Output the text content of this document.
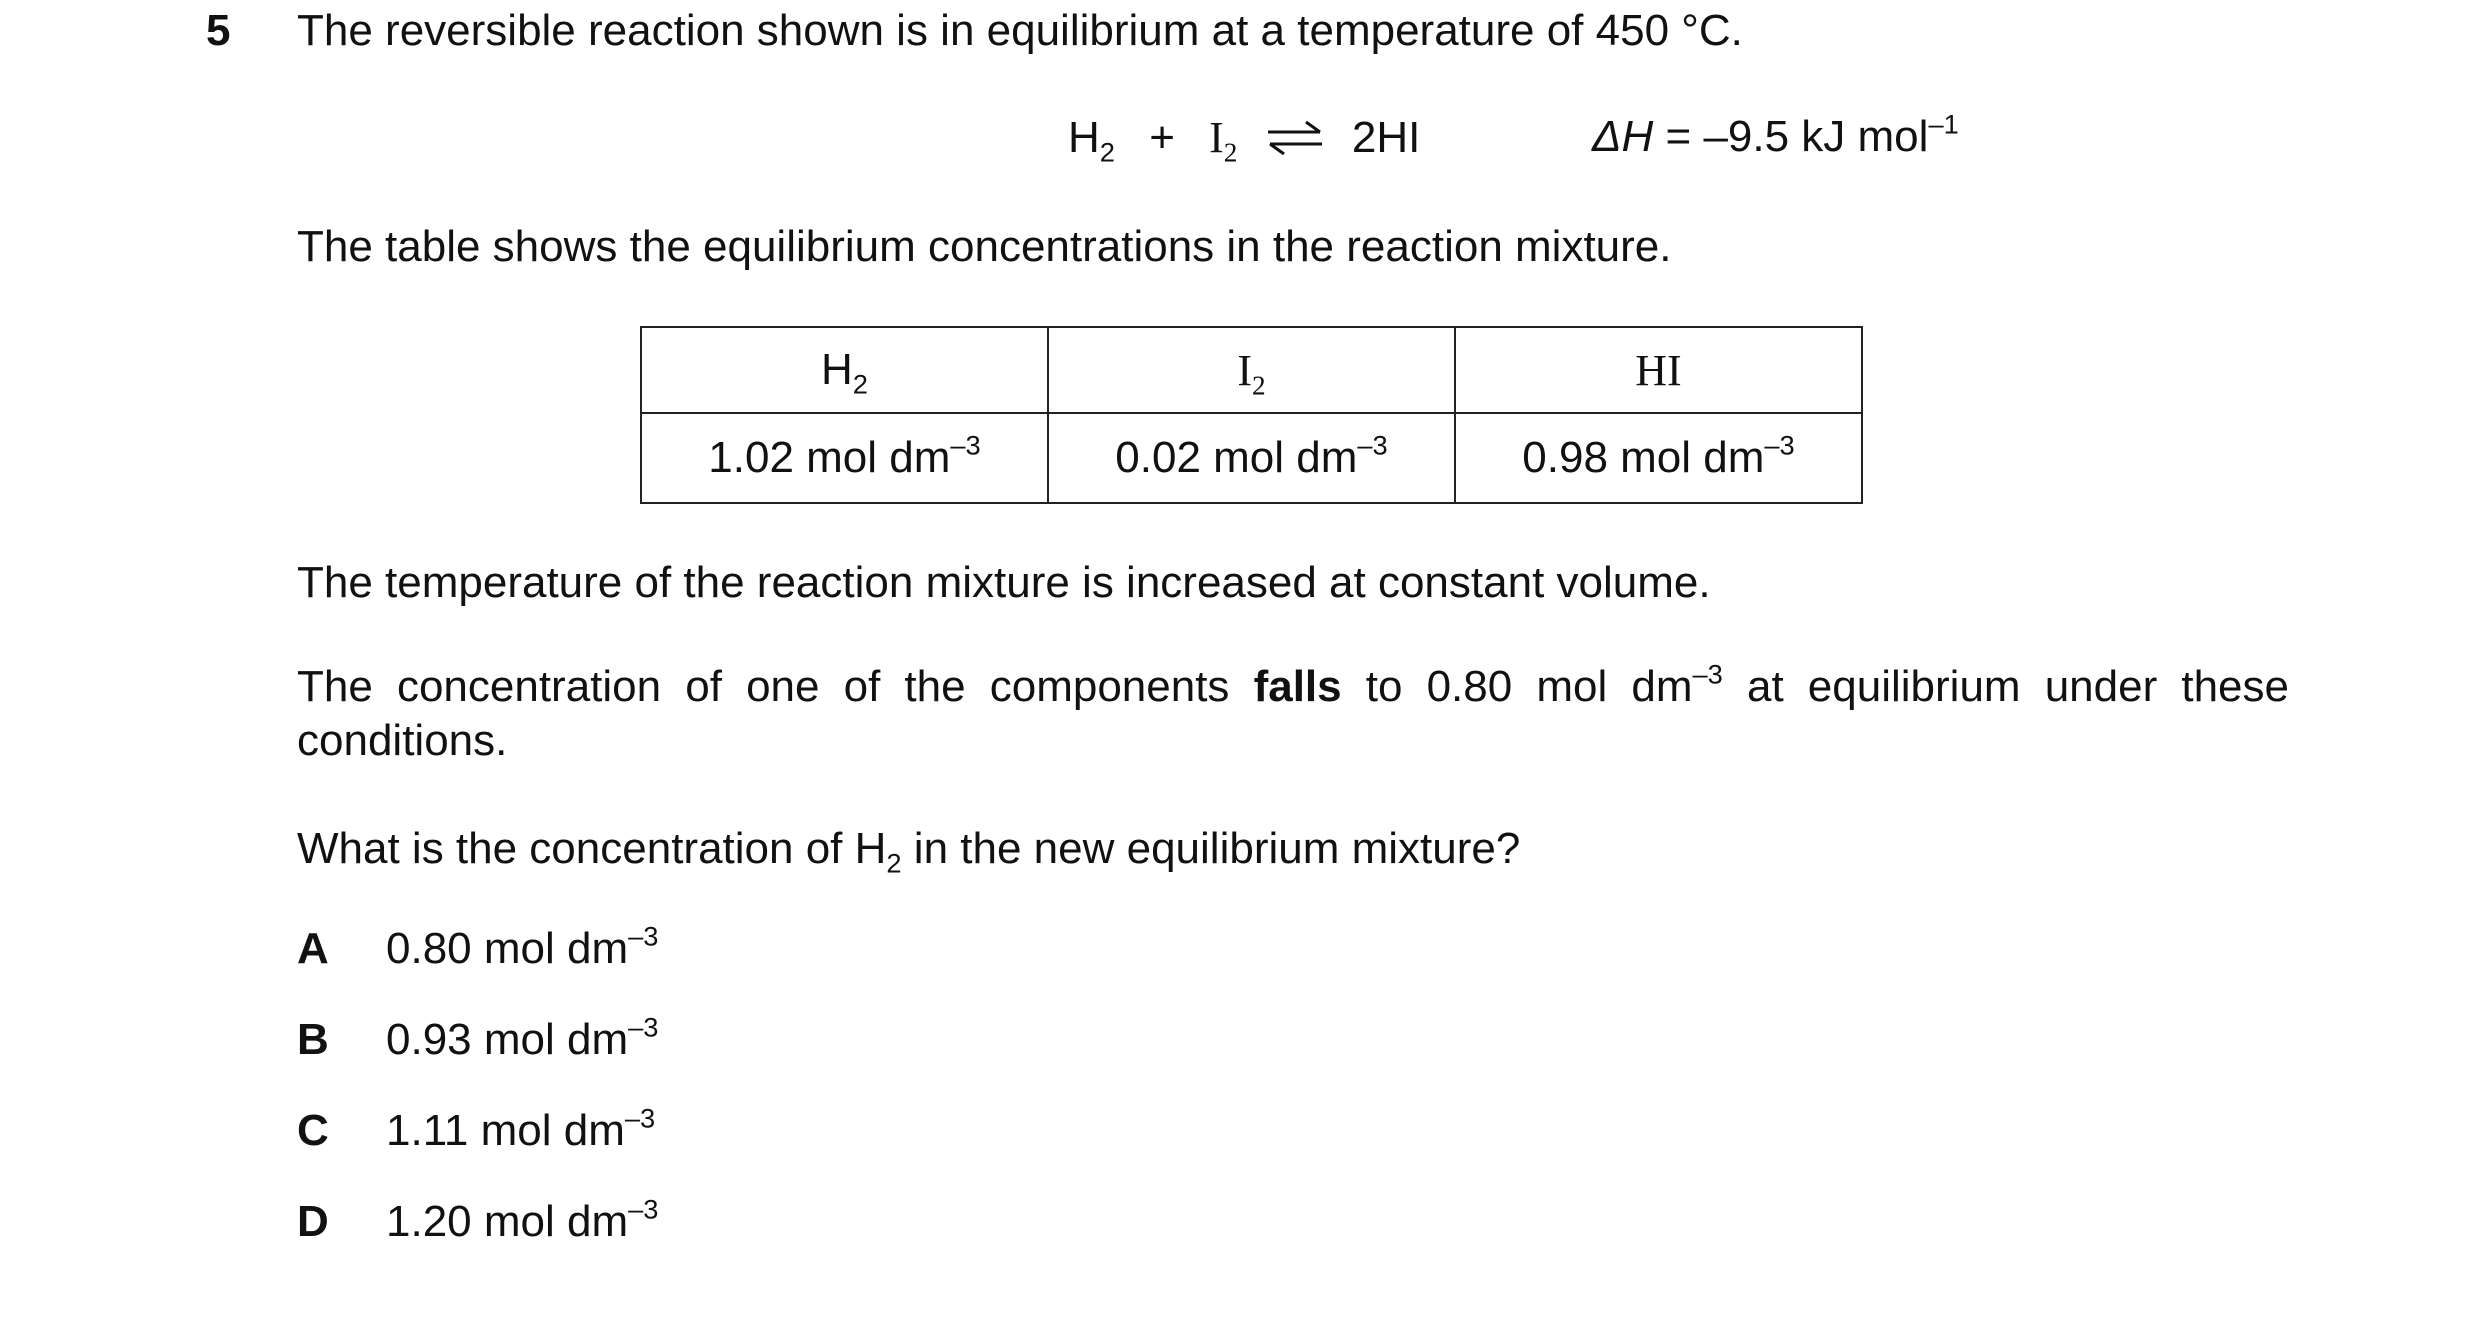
5 The reversible reaction shown is in equilibrium at a temperature of 450 °C.
$H_2 + I_2$ ⇌ 2HI	ΔH = –9.5 kJ mol$^{-1}$
The table shows the equilibrium concentrations in the reaction mixture.
$H_2$	$I_2$	HI
1.02 mol $dm^{-3}$	0.02 mol $dm^{-3}$	0.98 mol $dm^{-3}$
The temperature of the reaction mixture is increased at constant volume.
The concentration of one of the components falls to 0.80 mol $dm^{-3}$ at equilibrium under these
conditions.
What is the concentration of $H_2$ in the new equilibrium mixture?
A 0.80 mol $dm^{-3}$
B 0.93 mol $dm^{-3}$
C 1.11 mol $dm^{-3}$
D 1.20 mol $dm^{-3}$
